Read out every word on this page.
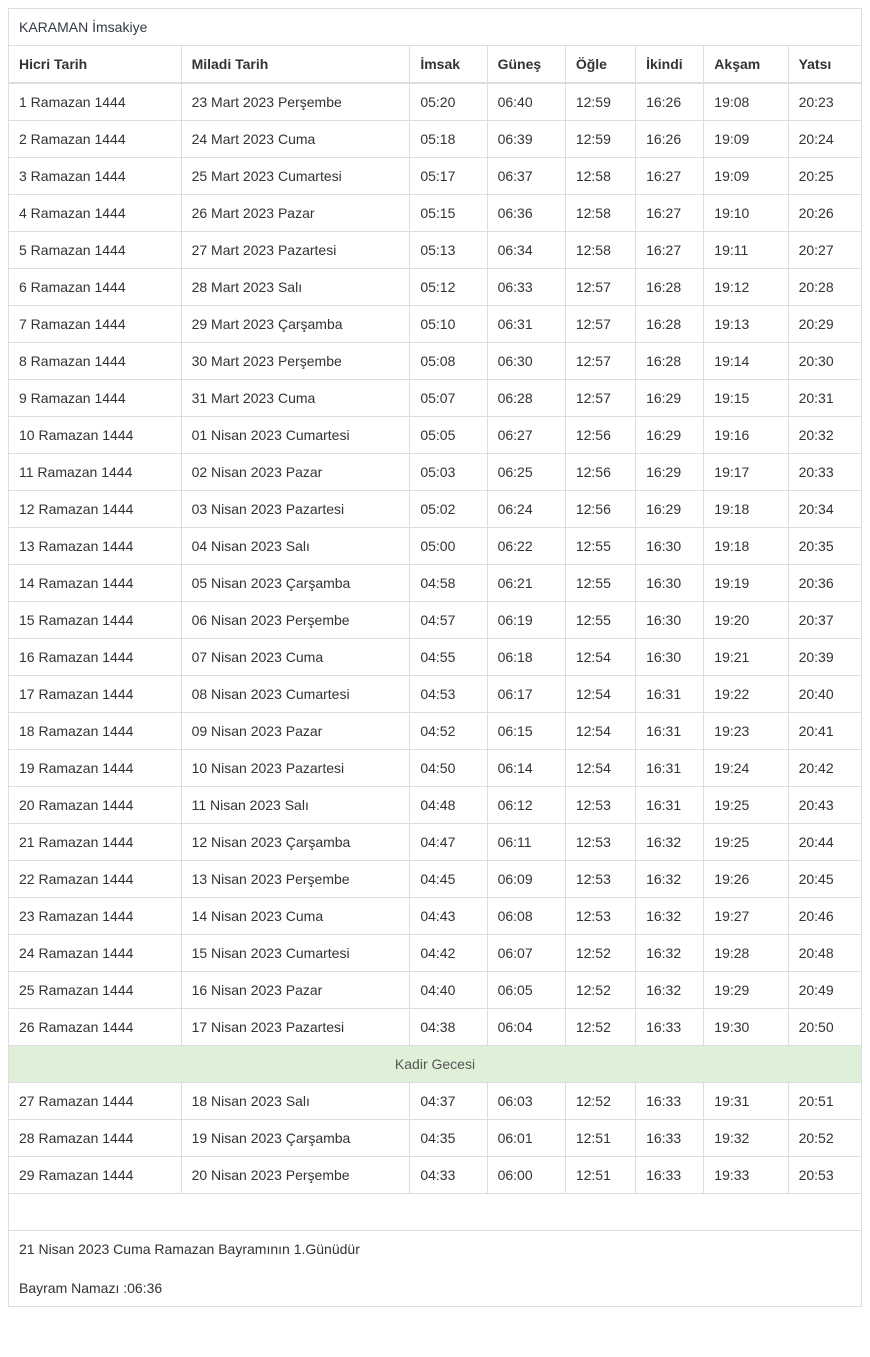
KARAMAN İmsakiye							
Hicri Tarih	Miladi Tarih	İmsak	Güneş	Öğle	İkindi	Akşam	Yatsı
1 Ramazan 1444	23 Mart 2023 Perşembe	05:20	06:40	12:59	16:26	19:08	20:23
2 Ramazan 1444	24 Mart 2023 Cuma	05:18	06:39	12:59	16:26	19:09	20:24
3 Ramazan 1444	25 Mart 2023 Cumartesi	05:17	06:37	12:58	16:27	19:09	20:25
4 Ramazan 1444	26 Mart 2023 Pazar	05:15	06:36	12:58	16:27	19:10	20:26
5 Ramazan 1444	27 Mart 2023 Pazartesi	05:13	06:34	12:58	16:27	19:11	20:27
6 Ramazan 1444	28 Mart 2023 Salı	05:12	06:33	12:57	16:28	19:12	20:28
7 Ramazan 1444	29 Mart 2023 Çarşamba	05:10	06:31	12:57	16:28	19:13	20:29
8 Ramazan 1444	30 Mart 2023 Perşembe	05:08	06:30	12:57	16:28	19:14	20:30
9 Ramazan 1444	31 Mart 2023 Cuma	05:07	06:28	12:57	16:29	19:15	20:31
10 Ramazan 1444	01 Nisan 2023 Cumartesi	05:05	06:27	12:56	16:29	19:16	20:32
11 Ramazan 1444	02 Nisan 2023 Pazar	05:03	06:25	12:56	16:29	19:17	20:33
12 Ramazan 1444	03 Nisan 2023 Pazartesi	05:02	06:24	12:56	16:29	19:18	20:34
13 Ramazan 1444	04 Nisan 2023 Salı	05:00	06:22	12:55	16:30	19:18	20:35
14 Ramazan 1444	05 Nisan 2023 Çarşamba	04:58	06:21	12:55	16:30	19:19	20:36
15 Ramazan 1444	06 Nisan 2023 Perşembe	04:57	06:19	12:55	16:30	19:20	20:37
16 Ramazan 1444	07 Nisan 2023 Cuma	04:55	06:18	12:54	16:30	19:21	20:39
17 Ramazan 1444	08 Nisan 2023 Cumartesi	04:53	06:17	12:54	16:31	19:22	20:40
18 Ramazan 1444	09 Nisan 2023 Pazar	04:52	06:15	12:54	16:31	19:23	20:41
19 Ramazan 1444	10 Nisan 2023 Pazartesi	04:50	06:14	12:54	16:31	19:24	20:42
20 Ramazan 1444	11 Nisan 2023 Salı	04:48	06:12	12:53	16:31	19:25	20:43
21 Ramazan 1444	12 Nisan 2023 Çarşamba	04:47	06:11	12:53	16:32	19:25	20:44
22 Ramazan 1444	13 Nisan 2023 Perşembe	04:45	06:09	12:53	16:32	19:26	20:45
23 Ramazan 1444	14 Nisan 2023 Cuma	04:43	06:08	12:53	16:32	19:27	20:46
24 Ramazan 1444	15 Nisan 2023 Cumartesi	04:42	06:07	12:52	16:32	19:28	20:48
25 Ramazan 1444	16 Nisan 2023 Pazar	04:40	06:05	12:52	16:32	19:29	20:49
26 Ramazan 1444	17 Nisan 2023 Pazartesi	04:38	06:04	12:52	16:33	19:30	20:50
Kadir Gecesi							
27 Ramazan 1444	18 Nisan 2023 Salı	04:37	06:03	12:52	16:33	19:31	20:51
28 Ramazan 1444	19 Nisan 2023 Çarşamba	04:35	06:01	12:51	16:33	19:32	20:52
29 Ramazan 1444	20 Nisan 2023 Perşembe	04:33	06:00	12:51	16:33	19:33	20:53

21 Nisan 2023 Cuma Ramazan Bayramının 1.Günüdür

Bayram Namazı :06:36							
